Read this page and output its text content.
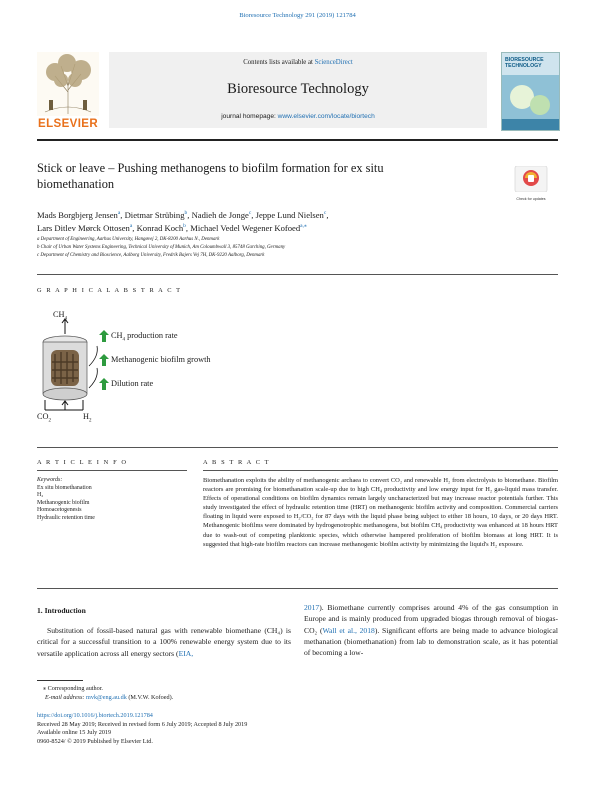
Bioresource Technology 291 (2019) 121784
ELSEVIER
Contents lists available at ScienceDirect
Bioresource Technology
journal homepage: www.elsevier.com/locate/biortech
BIORESOURCE TECHNOLOGY
Stick or leave – Pushing methanogens to biofilm formation for ex situ
biomethanation
Check for updates
Mads Borgbjerg Jensen$^a$, Dietmar Strübing$^b$, Nadieh de Jonge$^c$, Jeppe Lund Nielsen$^c$,
Lars Ditlev Mørck Ottosen$^a$, Konrad Koch$^b$, Michael Vedel Wegener Kofoed$^{a,⁎}$
a Department of Engineering, Aarhus University, Hangøvej 2, DK-8200 Aarhus N., Denmark
b Chair of Urban Water Systems Engineering, Technical University of Munich, Am Coloumbwall 3, 85748 Garching, Germany
c Department of Chemistry and Bioscience, Aalborg University, Fredrik Bajers Vej 7H, DK-9220 Aalborg, Denmark
G R A P H I C A L A B S T R A C T
$CH_4$
$CH_4$ production rate
Methanogenic biofilm growth
Dilution rate
$CO_2$
$H_2$
A R T I C L E I N F O
Keywords:
Ex situ biomethanation
H₂
Methanogenic biofilm
Homoacetogenesis
Hydraulic retention time
A B S T R A C T
Biomethanation exploits the ability of methanogenic archaea to convert CO₂ and renewable H₂ from electrolysis to biomethane. Biofilm reactors are promising for biomethanation scale-up due to high CH₄ productivity and low energy input for H₂ gas-liquid mass transfer. Effects of operational conditions on biofilm dynamics remain largely uncharacterized but may increase reactor potentials further. This study investigated the effect of hydraulic retention time (HRT) on methanogenic biofilm activity and composition. Commercial carriers floating in liquid were exposed to H₂/CO₂ for 87 days with the liquid phase being subject to either 18 hours, 10 days, or 20 days HRT. Methanogenic biofilms were dominated by hydrogenotrophic methanogens, but biofilm CH₄ productivity was enhanced at 18 hours HRT due to wash-out of competing planktonic species, which otherwise hampered proliferation of biofilm biomass at long HRT. It is suggested that high-rate biofilm reactors can increase methanogenic biofilm activity by minimizing the liquid's H₂ exposure.
1. Introduction
Substitution of fossil-based natural gas with renewable biomethane (CH₄) is critical for a successful transition to a 100% renewable energy system due to its versatile application across all energy sectors (EIA,
2017). Biomethane currently comprises around 4% of the gas consumption in Europe and is mainly produced from upgraded biogas through removal of biogas-CO₂ (Wall et al., 2018). Significant efforts are being made to advance biological methanation (biomethanation) from lab to demonstration scale, as it has potential of becoming a low-
⁎ Corresponding author.
E-mail address: mvk@eng.au.dk (M.V.W. Kofoed).
https://doi.org/10.1016/j.biortech.2019.121784
Received 28 May 2019; Received in revised form 6 July 2019; Accepted 8 July 2019
Available online 15 July 2019
0960-8524/ © 2019 Published by Elsevier Ltd.
